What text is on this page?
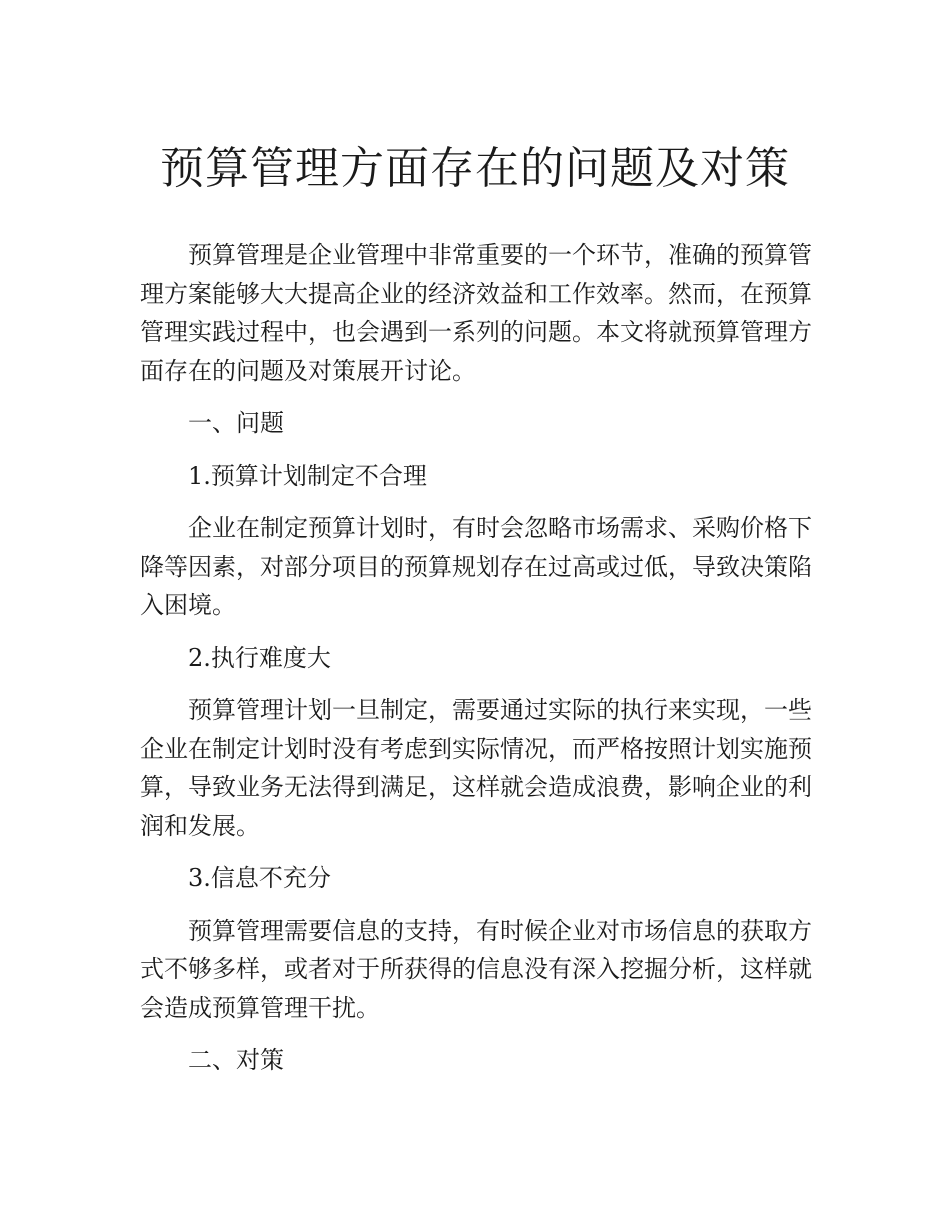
预算管理方面存在的问题及对策

预算管理是企业管理中非常重要的一个环节，准确的预算管理方案能够大大提高企业的经济效益和工作效率。然而，在预算管理实践过程中，也会遇到一系列的问题。本文将就预算管理方面存在的问题及对策展开讨论。

一、问题

1.预算计划制定不合理

企业在制定预算计划时，有时会忽略市场需求、采购价格下降等因素，对部分项目的预算规划存在过高或过低，导致决策陷入困境。

2.执行难度大

预算管理计划一旦制定，需要通过实际的执行来实现，一些企业在制定计划时没有考虑到实际情况，而严格按照计划实施预算，导致业务无法得到满足，这样就会造成浪费，影响企业的利润和发展。

3.信息不充分

预算管理需要信息的支持，有时候企业对市场信息的获取方式不够多样，或者对于所获得的信息没有深入挖掘分析，这样就会造成预算管理干扰。

二、对策
